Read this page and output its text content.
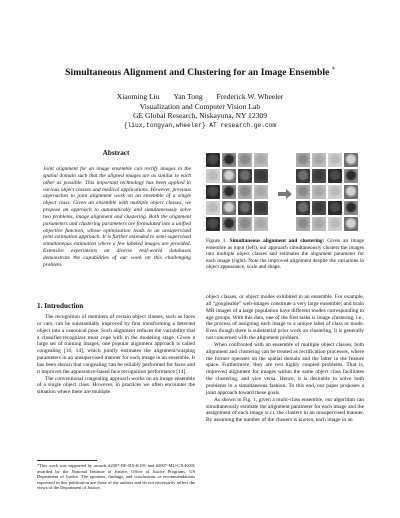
Simultaneous Alignment and Clustering for an Image Ensemble *
Xiaoming Liu Yan Tong Frederick W. Wheeler
Visualization and Computer Vision Lab
GE Global Research, Niskayuna, NY 12309
{liux,tongyan,wheeler} AT research.ge.com
Abstract
Joint alignment for an image ensemble can rectify images in the spatial domain such that the aligned images are as similar to each other as possible. This important technology has been applied to various object classes and medical applications. However, previous approaches to joint alignment work on an ensemble of a single object class. Given an ensemble with multiple object classes, we propose an approach to automatically and simultaneously solve two problems, image alignment and clustering. Both the alignment parameters and clustering parameters are formulated into a unified objective function, whose optimization leads to an unsupervised joint estimation approach. It is further extended to semi-supervised simultaneous estimation where a few labeled images are provided. Extensive experiments on diverse real-world databases demonstrate the capabilities of our work on this challenging problem.
1. Introduction

The recognition of members of certain object classes, such as faces or cars, can be substantially improved by first transforming a detected object into a canonical pose. Such alignment reduces the variability that a classifier/recognizer must cope with in the modeling stage. Given a large set of training images, one popular alignment approach is called congealing [16, 14], which jointly estimates the alignment/warping parameters in an unsupervised manner for each image in an ensemble. It has been shown that congealing can be reliably performed for faces and it improves the appearance-based face recognition performance [14].

The conventional congealing approach works on an image ensemble of a single object class. However, in practices we often encounter the situation where there are multiple

*This work was supported by awards #2007-DE-BX-K191 and #2007-MU-CX-K001 awarded by the National Institute of Justice, Office of Justice Programs, US Department of Justice. The opinions, findings, and conclusions or recommendations expressed in this publication are those of the authors and do not necessarily reflect the views of the Department of Justice.
Figure 1. Simultaneous alignment and clustering: Given an image ensemble as input (left), our approach simultaneously clusters the images into multiple object classes and estimates the alignment parameter for each image (right). Note the improved alignment despite the variations in object appearance, scale and shape.

object classes, or object modes exhibited in an ensemble. For example, all “googleable” web-images constitute a very large ensemble; and brain MR images of a large population have different modes corresponding to age groups. With this data, one of the first tasks is image clustering, i.e., the process of assigning each image to a unique label of class or mode. Even though there is substantial prior work on clustering, it is generally not concerned with the alignment problem.

When confronted with an ensemble of multiple object classes, both alignment and clustering can be treated as rectification processes, where the former operates on the spatial domain and the latter in the feature space. Furthermore, they are two highly coupled problems. That is, improved alignment for images within the same object class facilitates the clustering, and vice versa. Hence, it is desirable to solve both problems in a simultaneous fashion. To this end, our paper proposes a joint approach toward these goals.

As shown in Fig. 1, given a multi-class ensemble, our algorithm can simultaneously estimate the alignment parameter for each image and the assignment of each image w.r.t. the clusters in an unsupervised manner. By assuming the number of the clusters is known, each image in an
